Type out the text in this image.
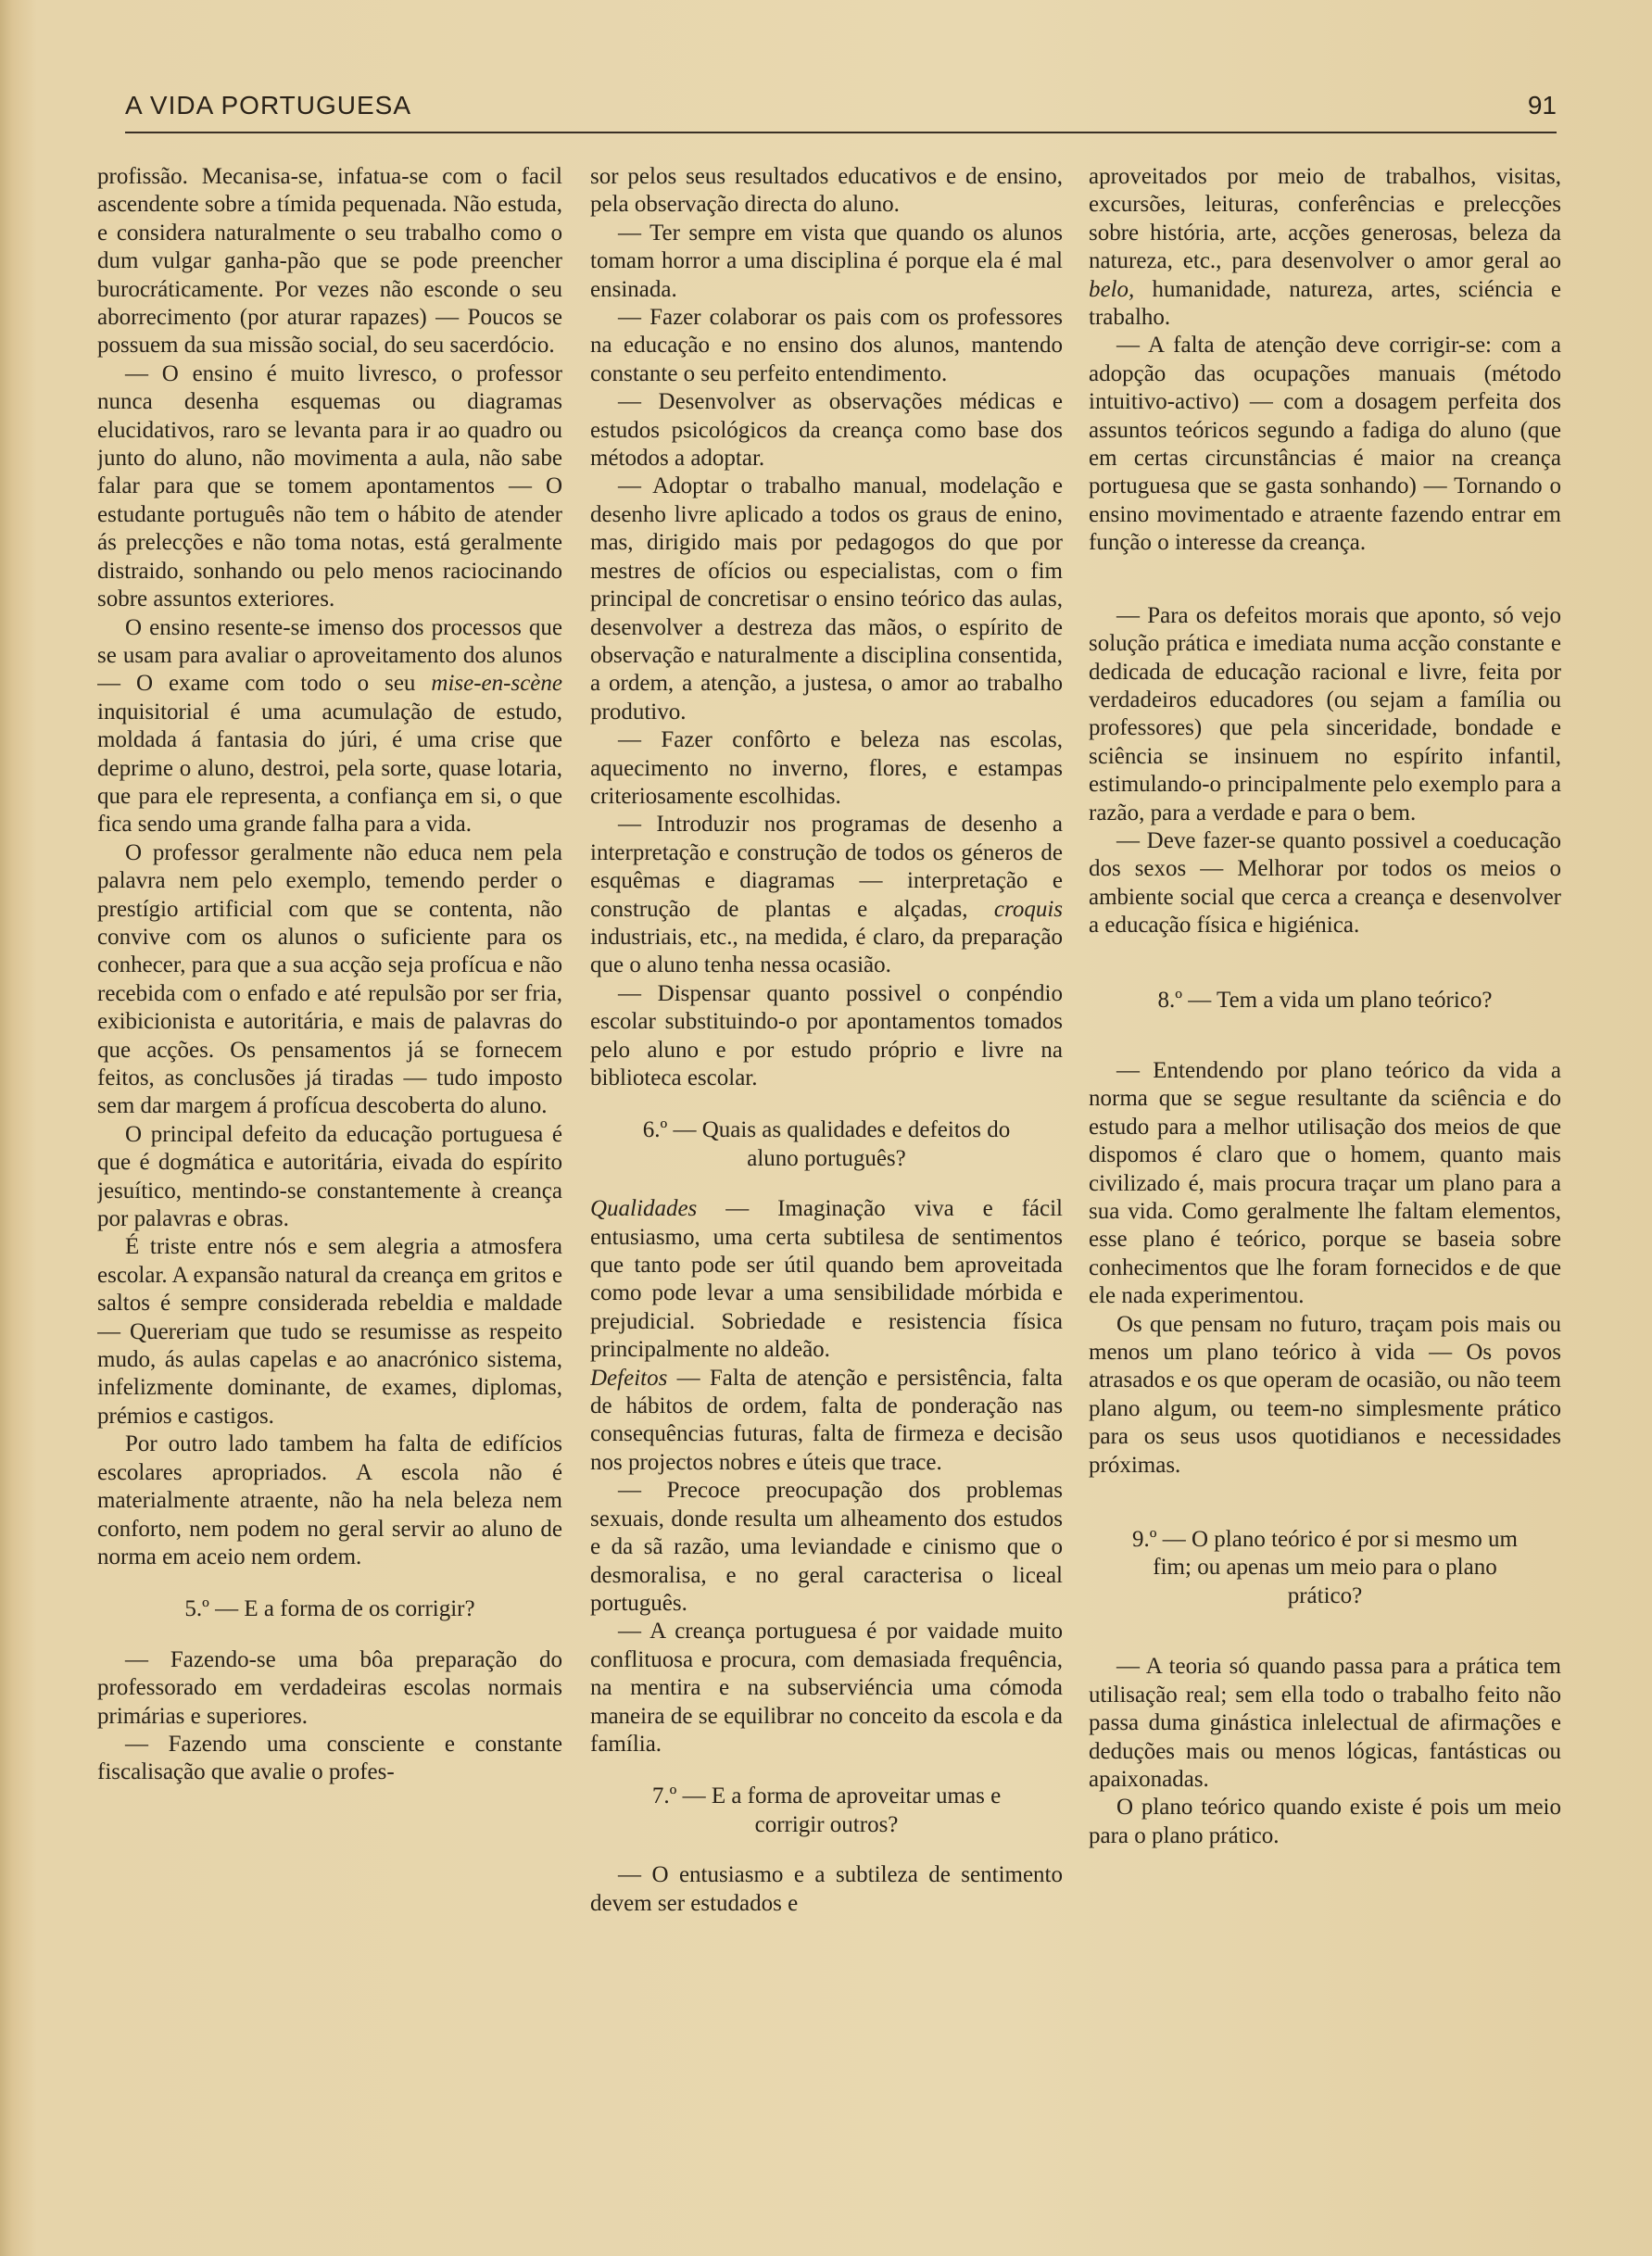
A VIDA PORTUGUESA	91

profissão. Mecanisa-se, infatua-se com o facil ascendente sobre a tímida pequenada. Não estuda, e considera naturalmente o seu trabalho como o dum vulgar ganha-pão que se pode preencher burocráticamente. Por vezes não esconde o seu aborrecimento (por aturar rapazes) — Poucos se possuem da sua missão social, do seu sacerdócio.

— O ensino é muito livresco, o professor nunca desenha esquemas ou diagramas elucidativos, raro se levanta para ir ao quadro ou junto do aluno, não movimenta a aula, não sabe falar para que se tomem apontamentos — O estudante português não tem o hábito de atender ás prelecções e não toma notas, está geralmente distraido, sonhando ou pelo menos raciocinando sobre assuntos exteriores.

O ensino resente-se imenso dos processos que se usam para avaliar o aproveitamento dos alunos — O exame com todo o seu mise-en-scène inquisitorial é uma acumulação de estudo, moldada á fantasia do júri, é uma crise que deprime o aluno, destroi, pela sorte, quase lotaria, que para ele representa, a confiança em si, o que fica sendo uma grande falha para a vida.

O professor geralmente não educa nem pela palavra nem pelo exemplo, temendo perder o prestígio artificial com que se contenta, não convive com os alunos o suficiente para os conhecer, para que a sua acção seja profícua e não recebida com o enfado e até repulsão por ser fria, exibicionista e autoritária, e mais de palavras do que acções. Os pensamentos já se fornecem feitos, as conclusões já tiradas — tudo imposto sem dar margem á profícua descoberta do aluno.

O principal defeito da educação portuguesa é que é dogmática e autoritária, eivada do espírito jesuítico, mentindo-se constantemente à creança por palavras e obras.

É triste entre nós e sem alegria a atmosfera escolar. A expansão natural da creança em gritos e saltos é sempre considerada rebeldia e maldade — Quereriam que tudo se resumisse as respeito mudo, ás aulas capelas e ao anacrónico sistema, infelizmente dominante, de exames, diplomas, prémios e castigos.

Por outro lado tambem ha falta de edifícios escolares apropriados. A escola não é materialmente atraente, não ha nela beleza nem conforto, nem podem no geral servir ao aluno de norma em aceio nem ordem.

5.º — E a forma de os corrigir?

— Fazendo-se uma bôa preparação do professorado em verdadeiras escolas normais primárias e superiores.

— Fazendo uma consciente e constante fiscalisação que avalie o profes-

sor pelos seus resultados educativos e de ensino, pela observação directa do aluno.

— Ter sempre em vista que quando os alunos tomam horror a uma disciplina é porque ela é mal ensinada.

— Fazer colaborar os pais com os professores na educação e no ensino dos alunos, mantendo constante o seu perfeito entendimento.

— Desenvolver as observações médicas e estudos psicológicos da creança como base dos métodos a adoptar.

— Adoptar o trabalho manual, modelação e desenho livre aplicado a todos os graus de enino, mas, dirigido mais por pedagogos do que por mestres de ofícios ou especialistas, com o fim principal de concretisar o ensino teórico das aulas, desenvolver a destreza das mãos, o espírito de observação e naturalmente a disciplina consentida, a ordem, a atenção, a justesa, o amor ao trabalho produtivo.

— Fazer confôrto e beleza nas escolas, aquecimento no inverno, flores, e estampas criteriosamente escolhidas.

— Introduzir nos programas de desenho a interpretação e construção de todos os géneros de esquêmas e diagramas — interpretação e construção de plantas e alçadas, croquis industriais, etc., na medida, é claro, da preparação que o aluno tenha nessa ocasião.

— Dispensar quanto possivel o conpéndio escolar substituindo-o por apontamentos tomados pelo aluno e por estudo próprio e livre na biblioteca escolar.

6.º — Quais as qualidades e defeitos do aluno português?

Qualidades — Imaginação viva e fácil entusiasmo, uma certa subtilesa de sentimentos que tanto pode ser útil quando bem aproveitada como pode levar a uma sensibilidade mórbida e prejudicial. Sobriedade e resistencia física principalmente no aldeão.

Defeitos — Falta de atenção e persistência, falta de hábitos de ordem, falta de ponderação nas consequências futuras, falta de firmeza e decisão nos projectos nobres e úteis que trace.

— Precoce preocupação dos problemas sexuais, donde resulta um alheamento dos estudos e da sã razão, uma leviandade e cinismo que o desmoralisa, e no geral caracterisa o liceal português.

— A creança portuguesa é por vaidade muito conflituosa e procura, com demasiada frequência, na mentira e na subserviéncia uma cómoda maneira de se equilibrar no conceito da escola e da família.

7.º — E a forma de aproveitar umas e corrigir outros?

— O entusiasmo e a subtileza de sentimento devem ser estudados e

aproveitados por meio de trabalhos, visitas, excursões, leituras, conferências e prelecções sobre história, arte, acções generosas, beleza da natureza, etc., para desenvolver o amor geral ao belo, humanidade, natureza, artes, sciéncia e trabalho.

— A falta de atenção deve corrigir-se: com a adopção das ocupações manuais (método intuitivo-activo) — com a dosagem perfeita dos assuntos teóricos segundo a fadiga do aluno (que em certas circunstâncias é maior na creança portuguesa que se gasta sonhando) — Tornando o ensino movimentado e atraente fazendo entrar em função o interesse da creança.

— Para os defeitos morais que aponto, só vejo solução prática e imediata numa acção constante e dedicada de educação racional e livre, feita por verdadeiros educadores (ou sejam a família ou professores) que pela sinceridade, bondade e sciência se insinuem no espírito infantil, estimulando-o principalmente pelo exemplo para a razão, para a verdade e para o bem.

— Deve fazer-se quanto possivel a coeducação dos sexos — Melhorar por todos os meios o ambiente social que cerca a creança e desenvolver a educação física e higiénica.

8.º — Tem a vida um plano teórico?

— Entendendo por plano teórico da vida a norma que se segue resultante da sciência e do estudo para a melhor utilisação dos meios de que dispomos é claro que o homem, quanto mais civilizado é, mais procura traçar um plano para a sua vida. Como geralmente lhe faltam elementos, esse plano é teórico, porque se baseia sobre conhecimentos que lhe foram fornecidos e de que ele nada experimentou.

Os que pensam no futuro, traçam pois mais ou menos um plano teórico à vida — Os povos atrasados e os que operam de ocasião, ou não teem plano algum, ou teem-no simplesmente prático para os seus usos quotidianos e necessidades próximas.

9.º — O plano teórico é por si mesmo um fim; ou apenas um meio para o plano prático?

— A teoria só quando passa para a prática tem utilisação real; sem ella todo o trabalho feito não passa duma ginástica inlelectual de afirmações e deduções mais ou menos lógicas, fantásticas ou apaixonadas.

O plano teórico quando existe é pois um meio para o plano prático.
